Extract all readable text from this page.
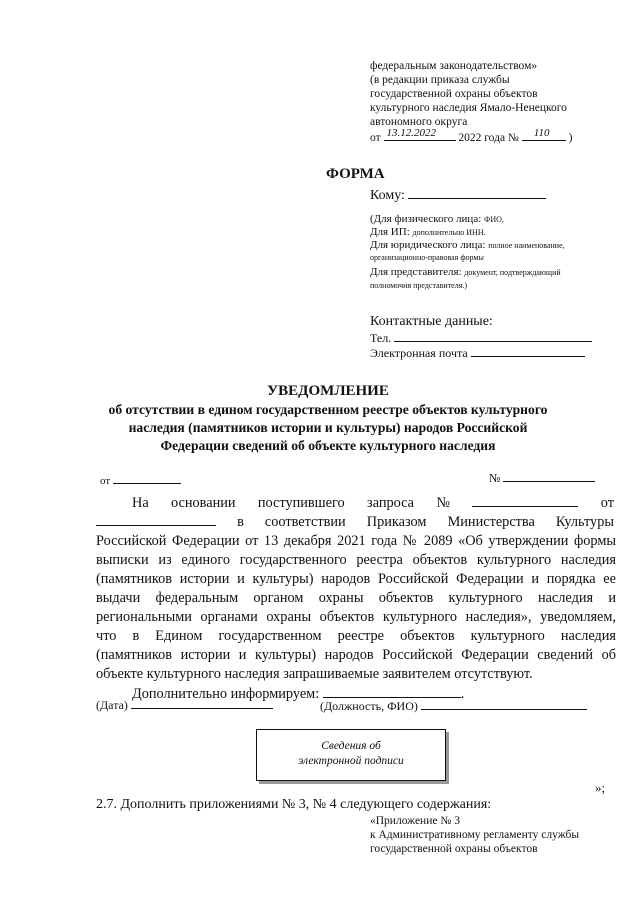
федеральным законодательством»
(в редакции приказа службы
государственной охраны объектов
культурного наследия Ямало-Ненецкого
автономного округа
от 13.12.2022 2022 года № 110 )
ФОРМА
Кому:
(Для физического лица: ФИО,
Для ИП: дополнительно ИНН.
Для юридического лица: полное наименование,
организационно-правовая формы
Для представителя: документ, подтверждающий
полномочия представителя.)
Контактные данные:
Тел.
Электронная почта
УВЕДОМЛЕНИЕ
об отсутствии в едином государственном реестре объектов культурного
наследия (памятников истории и культуры) народов Российской
Федерации сведений об объекте культурного наследия
от	№
На основании поступившего запроса №	от
в соответствии Приказом Министерства Культуры
Российской Федерации от 13 декабря 2021 года № 2089 «Об утверждении формы
выписки из единого государственного реестра объектов культурного наследия
(памятников истории и культуры) народов Российской Федерации и порядка ее
выдачи федеральным органом охраны объектов культурного наследия и
региональными органами охраны объектов культурного наследия», уведомляем,
что в Едином государственном реестре объектов культурного наследия
(памятников истории и культуры) народов Российской Федерации сведений об
объекте культурного наследия запрашиваемые заявителем отсутствуют.
Дополнительно информируем:	.
(Дата)	(Должность, ФИО)
Сведения об
электронной подписи
»;
2.7. Дополнить приложениями № 3, № 4 следующего содержания:
«Приложение № 3
к Административному регламенту службы
государственной охраны объектов
